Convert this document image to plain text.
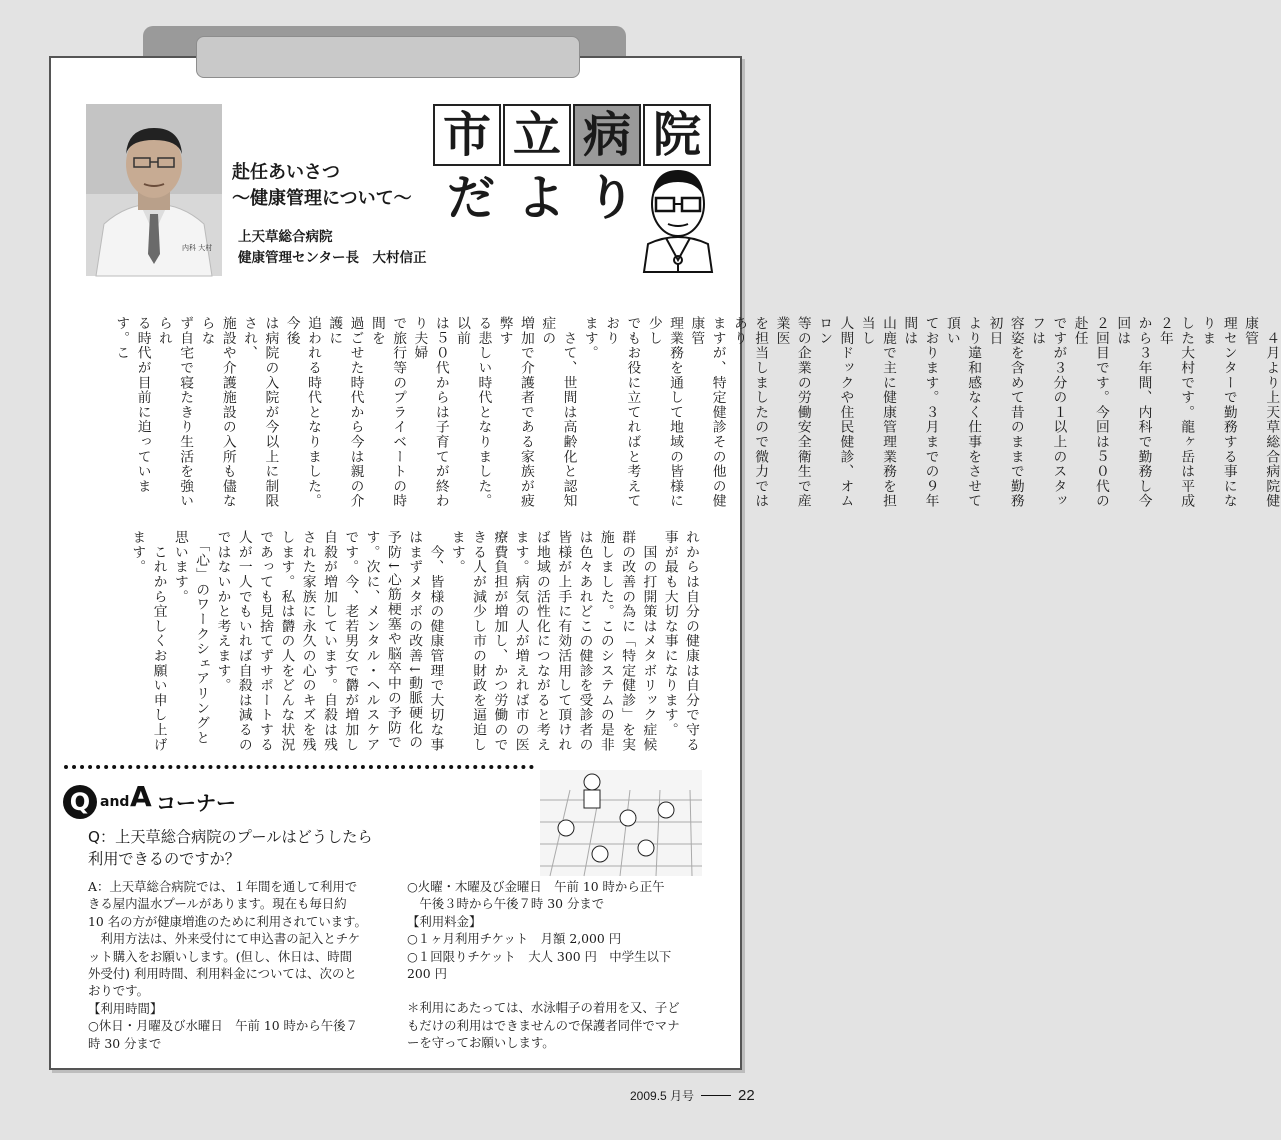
内科 大村
赴任あいさつ
～健康管理について～
上天草総合病院
健康管理センター長　大村信正
市 立 病 院
だ よ り
　４月より上天草総合病院健康管
理センターで勤務する事になりま
した大村です。龍ヶ岳は平成２年
から３年間、内科で勤務し今回は
２回目です。今回は５０代の赴任
ですが３分の１以上のスタッフは
容姿を含めて昔のままで勤務初日
より違和感なく仕事をさせて頂い
ております。３月までの９年間は
山鹿で主に健康管理業務を担当し
人間ドックや住民健診、オムロン
等の企業の労働安全衛生で産業医
を担当しましたので微力ではあり
ますが、特定健診その他の健康管
理業務を通して地域の皆様に少し
でもお役に立てればと考えており
ます。
　さて、世間は高齢化と認知症の
増加で介護者である家族が疲弊す
る悲しい時代となりました。以前
は５０代からは子育てが終わり夫婦
で旅行等のプライベートの時間を
過ごせた時代から今は親の介護に
追われる時代となりました。今後
は病院の入院が今以上に制限され、
施設や介護施設の入所も儘ならな
ず自宅で寝たきり生活を強いられ
る時代が目前に迫っています。こ
れからは自分の健康は自分で守る
事が最も大切な事になります。
　国の打開策はメタボリック症候
群の改善の為に「特定健診」を実
施しました。このシステムの是非
は色々あれどこの健診を受診者の
皆様が上手に有効活用して頂けれ
ば地域の活性化につながると考え
ます。病気の人が増えれば市の医
療費負担が増加し、かつ労働ので
きる人が減少し市の財政を逼迫し
ます。
　今、皆様の健康管理で大切な事
はまずメタボの改善↓動脈硬化の
予防↓心筋梗塞や脳卒中の予防で
す。次に、メンタル・ヘルスケア
です。今、老若男女で欝が増加し
自殺が増加しています。自殺は残
された家族に永久の心のキズを残
します。私は欝の人をどんな状況
であっても見捨てずサポートする
人が一人でもいれば自殺は減るの
ではないかと考えます。
　「心」のワークシェアリングと
思います。
　これから宜しくお願い申し上げ
ます。
Q and A コーナー
Q：上天草総合病院のプールはどうしたら
利用できるのですか？
A：上天草総合病院では、１年間を通して利用で
きる屋内温水プールがあります。現在も毎日約
10 名の方が健康増進のために利用されています。
　利用方法は、外来受付にて申込書の記入とチケ
ット購入をお願いします。(但し、休日は、時間
外受付) 利用時間、利用料金については、次のと
おりです。
【利用時間】
○休日・月曜及び水曜日　午前 10 時から午後７
時 30 分まで
○火曜・木曜及び金曜日　午前 10 時から正午
　午後３時から午後７時 30 分まで
【利用料金】
○１ヶ月利用チケット　月額 2,000 円
○１回限りチケット　大人 300 円　中学生以下
200 円
＊利用にあたっては、水泳帽子の着用を又、子ど
もだけの利用はできませんので保護者同伴でマナ
ーを守ってお願いします。
2009.5 月号	22
